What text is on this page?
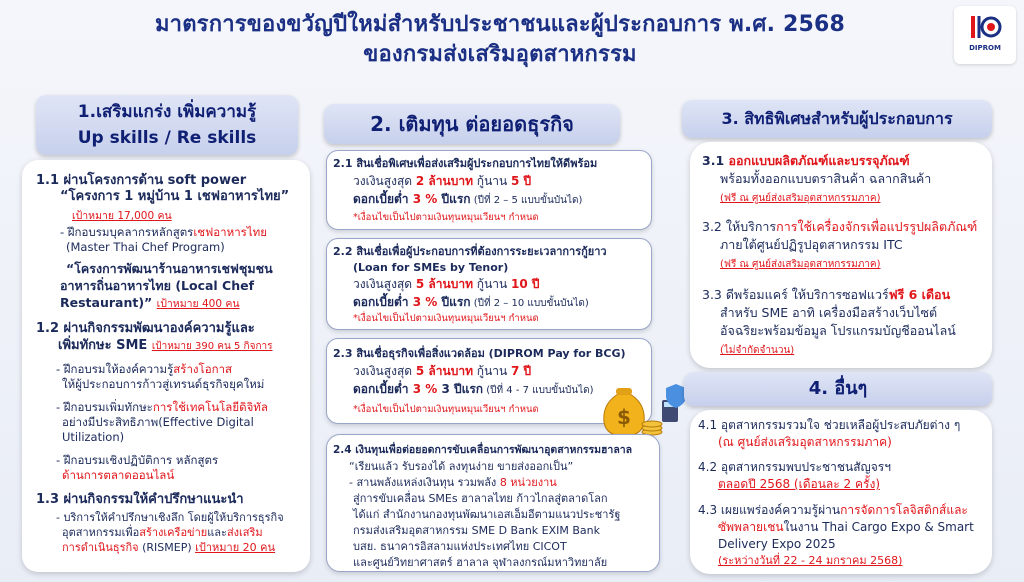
มาตรการของขวัญปีใหม่สำหรับประชาชนและผู้ประกอบการ พ.ศ. 2568
ของกรมส่งเสริมอุตสาหกรรม	DIPROM
1.เสริมแกร่ง เพิ่มความรู้
Up skills / Re skills
1.1 ผ่านโครงการด้าน soft power
“โครงการ 1 หมู่บ้าน 1 เชฟอาหารไทย”
เป้าหมาย 17,000 คน
- ฝึกอบรมบุคลากรหลักสูตรเชฟอาหารไทย
(Master Thai Chef Program)
“โครงการพัฒนาร้านอาหารเชฟชุมชน
อาหารถิ่นอาหารไทย (Local Chef
Restaurant)” เป้าหมาย 400 คน
1.2 ผ่านกิจกรรมพัฒนาองค์ความรู้และ
เพิ่มทักษะ SME เป้าหมาย 390 คน 5 กิจการ
- ฝึกอบรมให้องค์ความรู้สร้างโอกาส
ให้ผู้ประกอบการก้าวสู่เทรนด์ธุรกิจยุคใหม่
- ฝึกอบรมเพิ่มทักษะการใช้เทคโนโลยีดิจิทัล
อย่างมีประสิทธิภาพ(Effective Digital
Utilization)
- ฝึกอบรมเชิงปฏิบัติการ หลักสูตร
ด้านการตลาดออนไลน์
1.3 ผ่านกิจกรรมให้คำปรึกษาแนะนำ
- บริการให้คำปรึกษาเชิงลึก โดยผู้ให้บริการธุรกิจ
อุตสาหกรรมเพื่อสร้างเครือข่ายและส่งเสริม
การดำเนินธุรกิจ (RISMEP) เป้าหมาย 20 คน
2. เติมทุน ต่อยอดธุรกิจ
2.1 สินเชื่อพิเศษเพื่อส่งเสริมผู้ประกอบการไทยให้ดีพร้อม
วงเงินสูงสุด 2 ล้านบาท กู้นาน 5 ปี
ดอกเบี้ยต่ำ 3 % ปีแรก (ปีที่ 2 – 5 แบบขั้นบันได)
*เงื่อนไขเป็นไปตามเงินทุนหมุนเวียนฯ กำหนด
2.2 สินเชื่อเพื่อผู้ประกอบการที่ต้องการระยะเวลาการกู้ยาว
(Loan for SMEs by Tenor)
วงเงินสูงสุด 5 ล้านบาท กู้นาน 10 ปี
ดอกเบี้ยต่ำ 3 % ปีแรก (ปีที่ 2 – 10 แบบขั้นบันได)
*เงื่อนไขเป็นไปตามเงินทุนหมุนเวียนฯ กำหนด
2.3 สินเชื่อธุรกิจเพื่อสิ่งแวดล้อม (DIPROM Pay for BCG)
วงเงินสูงสุด 5 ล้านบาท กู้นาน 7 ปี
ดอกเบี้ยต่ำ 3 % 3 ปีแรก (ปีที่ 4 - 7 แบบขั้นบันได)
*เงื่อนไขเป็นไปตามเงินทุนหมุนเวียนฯ กำหนด	$
2.4 เงินทุนเพื่อต่อยอดการขับเคลื่อนการพัฒนาอุตสาหกรรมฮาลาล
“เรียนแล้ว รับรองได้ ลงทุนง่าย ขายส่งออกเป็น”
- สานพลังแหล่งเงินทุน รวมพลัง 8 หน่วยงาน
สู่การขับเคลื่อน SMEs ฮาลาลไทย ก้าวไกลสู่ตลาดโลก
ได้แก่ สำนักงานกองทุนพัฒนาเอสเอ็มอีตามแนวประชารัฐ
กรมส่งเสริมอุตสาหกรรม SME D Bank EXIM Bank
บสย. ธนาคารอิสลามแห่งประเทศไทย CICOT
และศูนย์วิทยาศาสตร์ ฮาลาล จุฬาลงกรณ์มหาวิทยาลัย
3. สิทธิพิเศษสำหรับผู้ประกอบการ
3.1 ออกแบบผลิตภัณฑ์และบรรจุภัณฑ์
พร้อมทั้งออกแบบตราสินค้า ฉลากสินค้า
(ฟรี ณ ศูนย์ส่งเสริมอุตสาหกรรมภาค)
3.2 ให้บริการการใช้เครื่องจักรเพื่อแปรรูปผลิตภัณฑ์
ภายใต้ศูนย์ปฏิรูปอุตสาหกรรม ITC
(ฟรี ณ ศูนย์ส่งเสริมอุตสาหกรรมภาค)
3.3 ดีพร้อมแคร์ ให้บริการซอฟแวร์ฟรี 6 เดือน
สำหรับ SME อาทิ เครื่องมือสร้างเว็บไซต์
อัจฉริยะพร้อมข้อมูล โปรแกรมบัญชีออนไลน์
(ไม่จำกัดจำนวน)
4. อื่นๆ
4.1 อุตสาหกรรมรวมใจ ช่วยเหลือผู้ประสบภัยต่าง ๆ
(ณ ศูนย์ส่งเสริมอุตสาหกรรมภาค)
4.2 อุตสาหกรรมพบประชาชนสัญจรฯ
ตลอดปี 2568 (เดือนละ 2 ครั้ง)
4.3 เผยแพร่องค์ความรู้ผ่านการจัดการโลจิสติกส์และ
ซัพพลายเชนในงาน Thai Cargo Expo & Smart
Delivery Expo 2025
(ระหว่างวันที่ 22 - 24 มกราคม 2568)
